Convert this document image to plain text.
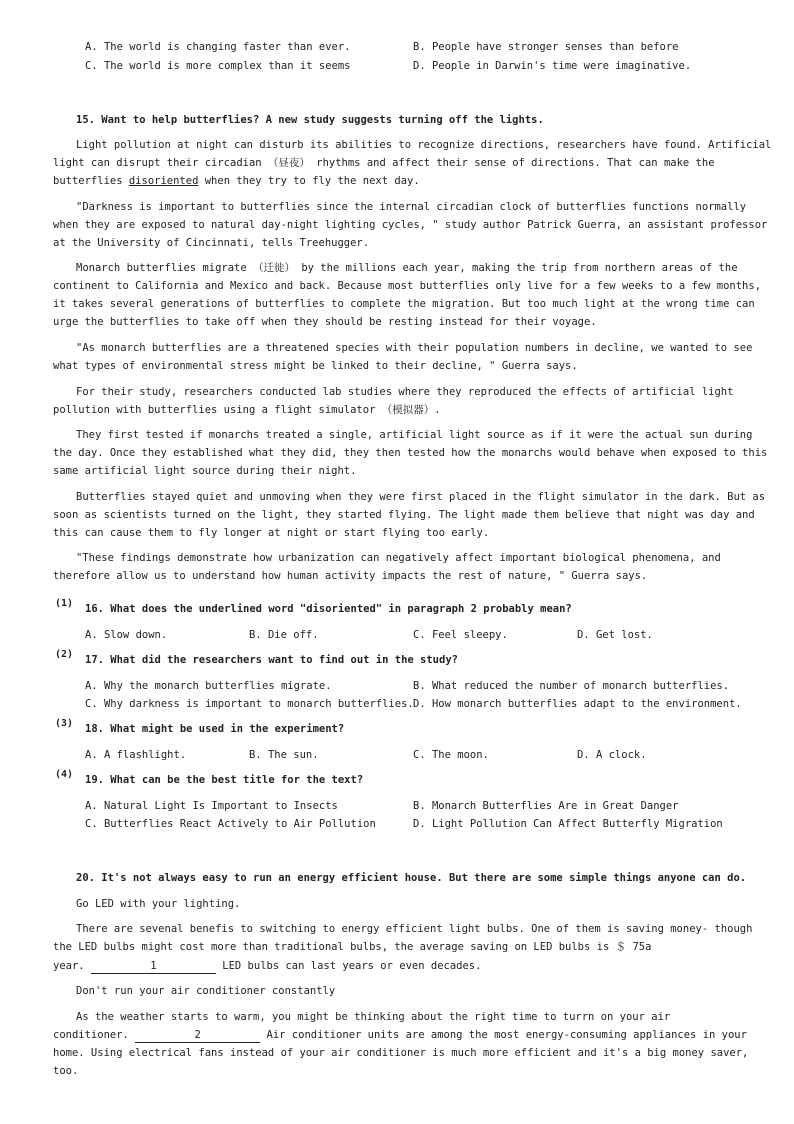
A. The world is changing faster than ever.	B. People have stronger senses than before
C. The world is more complex than it seems	D. People in Darwin's time were imaginative.
15. Want to help butterflies? A new study suggests turning off the lights.
Light pollution at night can disturb its abilities to recognize directions, researchers have found. Artificial
light can disrupt their circadian （昼夜） rhythms and affect their sense of directions. That can make the
butterflies disoriented when they try to fly the next day.
"Darkness is important to butterflies since the internal circadian clock of butterflies functions normally
when they are exposed to natural day-night lighting cycles, " study author Patrick Guerra, an assistant professor
at the University of Cincinnati, tells Treehugger.
Monarch butterflies migrate （迁徙） by the millions each year, making the trip from northern areas of the
continent to California and Mexico and back. Because most butterflies only live for a few weeks to a few months,
it takes several generations of butterflies to complete the migration. But too much light at the wrong time can
urge the butterflies to take off when they should be resting instead for their voyage.
"As monarch butterflies are a threatened species with their population numbers in decline, we wanted to see
what types of environmental stress might be linked to their decline, " Guerra says.
For their study, researchers conducted lab studies where they reproduced the effects of artificial light
pollution with butterflies using a flight simulator （模拟器）.
They first tested if monarchs treated a single, artificial light source as if it were the actual sun during
the day. Once they established what they did, they then tested how the monarchs would behave when exposed to this
same artificial light source during their night.
Butterflies stayed quiet and unmoving when they were first placed in the flight simulator in the dark. But as
soon as scientists turned on the light, they started flying. The light made them believe that night was day and
this can cause them to fly longer at night or start flying too early.
"These findings demonstrate how urbanization can negatively affect important biological phenomena, and
therefore allow us to understand how human activity impacts the rest of nature, " Guerra says.
(1) 16. What does the underlined word "disoriented" in paragraph 2 probably mean?
A. Slow down.	B. Die off.	C. Feel sleepy.	D. Get lost.
(2) 17. What did the researchers want to find out in the study?
A. Why the monarch butterflies migrate.	B. What reduced the number of monarch butterflies.
C. Why darkness is important to monarch butterflies. D. How monarch butterflies adapt to the environment.
(3) 18. What might be used in the experiment?
A. A flashlight.	B. The sun.	C. The moon.	D. A clock.
(4) 19. What can be the best title for the text?
A. Natural Light Is Important to Insects	B. Monarch Butterflies Are in Great Danger
C. Butterflies React Actively to Air Pollution	D. Light Pollution Can Affect Butterfly Migration
20. It's not always easy to run an energy efficient house. But there are some simple things anyone can do.
Go LED with your lighting.
There are sevenal benefis to switching to energy efficient light bulbs. One of them is saving money- though
the LED bulbs might cost more than traditional bulbs, the average saving on LED bulbs is ＄ 75a
year.	1	LED bulbs can last years or even decades.
Don't run your air conditioner constantly
As the weather starts to warm, you might be thinking about the right time to turrn on your air
conditioner.	2	Air conditioner units are among the most energy-consuming appliances in your
home. Using electrical fans instead of your air conditioner is much more efficient and it's a big money saver,
too.
